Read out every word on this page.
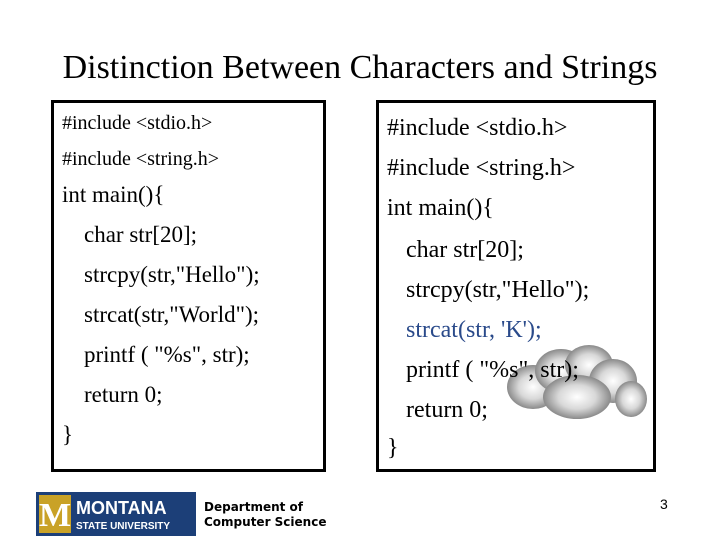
Distinction Between Characters and Strings
#include <stdio.h>
#include <string.h>
int main(){
char str[20];
strcpy(str,"Hello");
strcat(str,"World");
printf ( "%s", str);
return 0;
}
#include <stdio.h>
#include <string.h>
int main(){
char str[20];
strcpy(str,"Hello");
strcat(str, 'K');
printf ( "%s", str);
return 0;
}
M MONTANA
STATE UNIVERSITY
Department of
Computer Science
3
